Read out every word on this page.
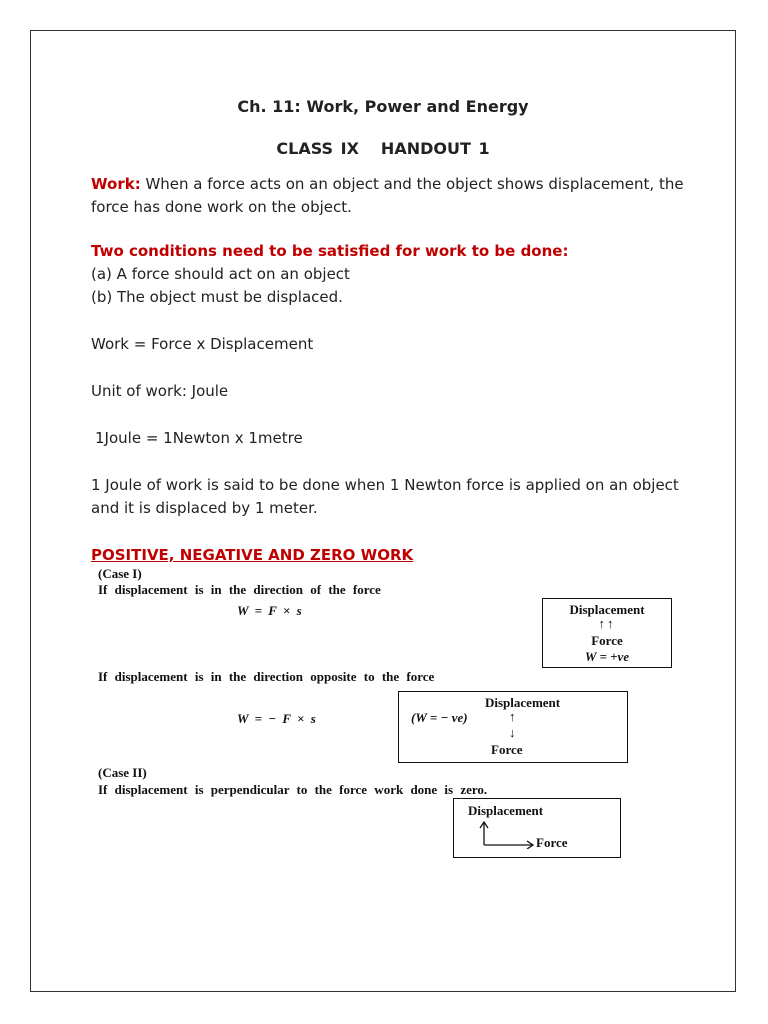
Ch. 11: Work, Power and Energy
CLASS IX HANDOUT 1
Work: When a force acts on an object and the object shows displacement, the force has done work on the object.
Two conditions need to be satisfied for work to be done:
(a) A force should act on an object
(b) The object must be displaced.
Work = Force x Displacement
Unit of work: Joule
1Joule = 1Newton x 1metre
1 Joule of work is said to be done when 1 Newton force is applied on an object and it is displaced by 1 meter.
POSITIVE, NEGATIVE AND ZERO WORK
(Case I)
If displacement is in the direction of the force
W = F × s	Displacement
↑↑
Force
W = +ve
If displacement is in the direction opposite to the force
W = − F × s
Displacement
(W = − ve)	↑
↓
Force
(Case II)
If displacement is perpendicular to the force work done is zero.
Displacement
Force
